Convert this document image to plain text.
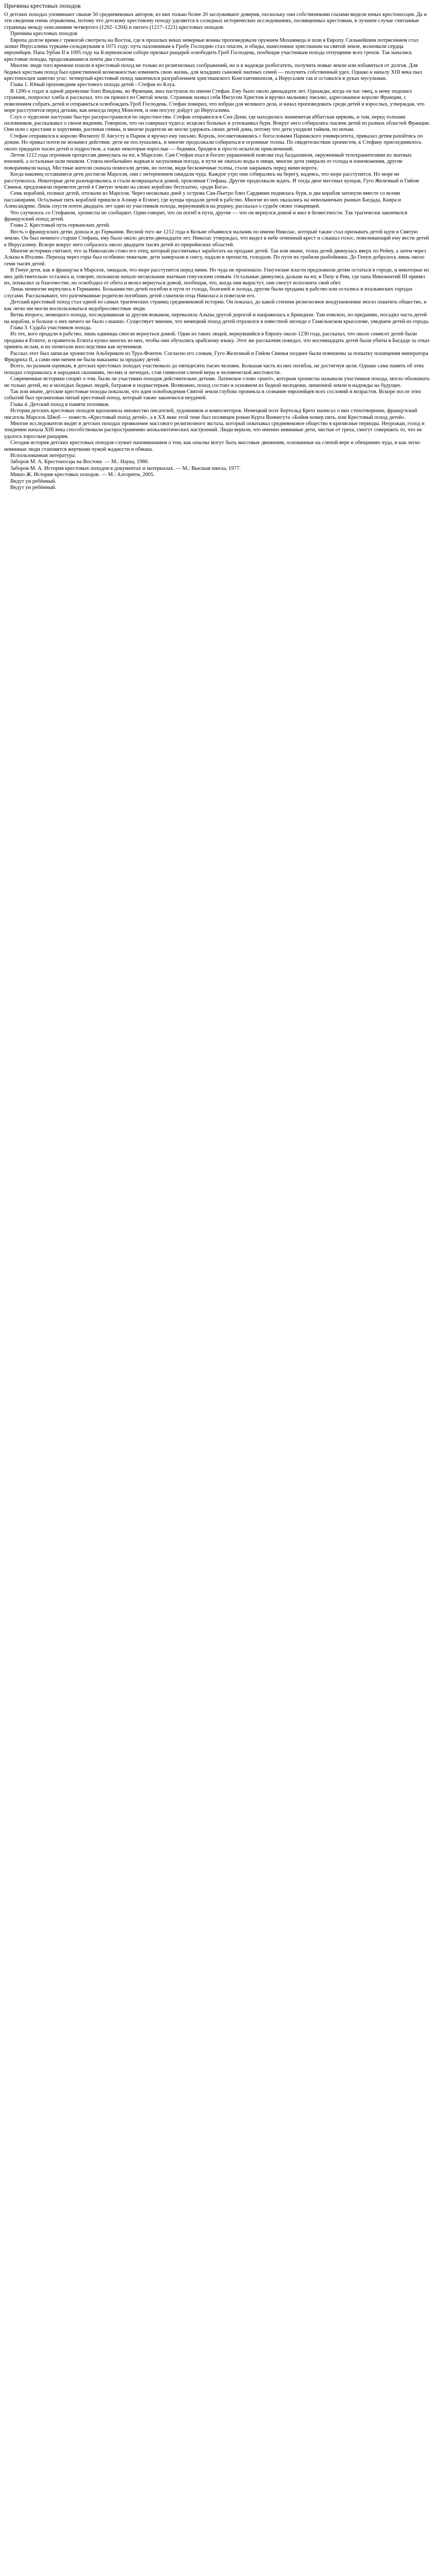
Причины крестовых походов

О детских походах упоминают свыше 50 средневековых авторов, из них только более 20 заслуживают доверия, поскольку они собственными глазами видели юных крестоносцев. Да и эти сведения очень отрывочны, потому что детскому крестовому походу уделяется в солидных исторических исследованиях, посвященных крестовым, в лучшем случае считанные страницы между описаниями четвертого (1202–1204) и пятого (1217–1221) крестовых походов.

Причины крестовых походов

Европа долгое время с тревогой смотрела на Восток, где в прошлых веках неверные воины проповедовали оружием Мохаммеда и шли в Европу. Сильнейшим потрясением стал захват Иерусалима турками-сельджуками в 1071 году: путь паломникам к Гробу Господню стал опасен, и обиды, нанесенные христианам на святой земле, волновали сердца европейцев. Папа Урбан II в 1095 году на Клермонском соборе призвал рыцарей освободить Гроб Господень, пообещав участникам похода отпущение всех грехов. Так начались крестовые походы, продолжавшиеся почти два столетия.

Многие люди того времени пошли в крестовый поход не только из религиозных соображений, но и в надежде разбогатеть, получить новые земли или избавиться от долгов. Для бедных крестьян поход был единственной возможностью изменить свою жизнь, для младших сыновей знатных семей — получить собственный удел. Однако к началу XIII века пыл крестоносцев заметно угас: четвертый крестовый поход закончился разграблением христианского Константинополя, а Иерусалим так и оставался в руках мусульман.

Глава 1. Юный проповедник крестового похода детей - Стефан из Клуа.

В 1200-х годах в одной деревушке близ Вандома, во Франции, жил пастушок по имени Стефан. Ему было около двенадцати лет. Однажды, когда он пас овец, к нему подошел странник, попросил хлеба и рассказал, что он пришел из Святой земли. Странник назвал себя Иисусом Христом и вручил мальчику письмо, адресованное королю Франции, с повелением собрать детей и отправиться освобождать Гроб Господень. Стефан поверил, что избран для великого дела, и начал проповедовать среди детей и взрослых, утверждая, что море расступится перед детьми, как некогда перед Моисеем, и они посуху дойдут до Иерусалима.

Слух о чудесном пастушке быстро распространился по окрестностям. Стефан отправился в Сен-Дени, где находилась знаменитая аббатская церковь, и там, перед толпами паломников, рассказывал о своем видении. Говорили, что он совершал чудеса: исцелял больных и успокаивал бури. Вокруг него собирались тысячи детей из разных областей Франции. Они шли с крестами и хоругвями, распевая гимны, и многие родители не могли удержать своих детей дома, потому что дети уходили тайком, по ночам.

Стефан отправился к королю Филиппу II Августу в Париж и вручил ему письмо. Король, посоветовавшись с богословами Парижского университета, приказал детям разойтись по домам. Но приказ почти не возымел действия: дети не послушались, и многие продолжали собираться в огромные толпы. По свидетельствам хронистов, к Стефану присоединилось около тридцати тысяч детей и подростков, а также некоторые взрослые — бедняки, бродяги и просто искатели приключений.

Летом 1212 года огромная процессия двинулась на юг, к Марселю. Сам Стефан ехал в богато украшенной повозке под балдахином, окруженный телохранителями из знатных юношей, а остальные шли пешком. Стояла необычайно жаркая и засушливая погода, в пути не хватало воды и пищи, многие дети умирали от голода и изнеможения, другие поворачивали назад. Местные жители сначала помогали детям, но потом, видя бесконечные толпы, стали закрывать перед ними ворота.

Когда наконец оставшиеся дети достигли Марселя, они с нетерпением ожидали чуда. Каждое утро они собирались на берегу, надеясь, что море расступится. Но море не расступилось. Некоторые дети разочаровались и стали возвращаться домой, проклиная Стефана. Другие продолжали ждать. И тогда двое местных купцов, Гуго Железный и Гийом Свинья, предложили перевезти детей в Святую землю на своих кораблях бесплатно, «ради Бога».

Семь кораблей, полных детей, отплыли из Марселя. Через несколько дней у острова Сан-Пьетро близ Сардинии поднялась буря, и два корабля затонули вместе со всеми пассажирами. Остальные пять кораблей пришли в Алжир и Египет, где купцы продали детей в рабство. Многие из них оказались на невольничьих рынках Багдада, Каира и Александрии. Лишь спустя почти двадцать лет один из участников похода, вернувшийся на родину, рассказал о судьбе своих товарищей.

Что случилось со Стефаном, хронисты не сообщают. Одни говорят, что он погиб в пути, другие — что он вернулся домой и жил в безвестности. Так трагически закончился французский поход детей.

Глава 2. Крестовый путь германских детей.

Весть о французских детях дошла и до Германии. Весной того же 1212 года в Кельне объявился мальчик по имени Николас, который также стал призывать детей идти в Святую землю. Он был немного старше Стефана, ему было около десяти-двенадцати лет. Николас утверждал, что видел в небе огненный крест и слышал голос, повелевающий ему вести детей к Иерусалиму. Вскоре вокруг него собралось около двадцати тысяч детей из прирейнских областей.

Многие историки считают, что за Николасом стоял его отец, который рассчитывал заработать на продаже детей. Так или иначе, толпа детей двинулась вверх по Рейну, а затем через Альпы в Италию. Переход через горы был особенно тяжелым: дети замерзали в снегу, падали в пропасти, голодали. По пути их грабили разбойники. До Генуи добралось лишь около семи тысяч детей.

В Генуе дети, как и французы в Марселе, ожидали, что море расступится перед ними. Но чуда не произошло. Генуэзские власти предложили детям остаться в городе, и некоторые из них действительно остались и, говорят, положили начало нескольким знатным генуэзским семьям. Остальные двинулись дальше на юг, в Пизу и Рим, где папа Иннокентий III принял их, похвалил за благочестие, но освободил от обета и велел вернуться домой, пообещав, что, когда они вырастут, они смогут исполнить свой обет.

Лишь немногие вернулись в Германию. Большинство детей погибли в пути от голода, болезней и холода, другие были проданы в рабство или остались в итальянских городах слугами. Рассказывают, что разгневанные родители погибших детей схватили отца Николаса и повесили его.

Детский крестовый поход стал одной из самых трагических страниц средневековой истории. Он показал, до какой степени религиозное воодушевление могло охватить общество, и как легко им могли воспользоваться недобросовестные люди.

Ветвь второго, немецкого похода, последовавшая за другим вожаком, перевалила Альпы другой дорогой и направилась к Бриндизи. Там епископ, по преданию, посадил часть детей на корабли, и больше о них ничего не было слышно. Существует мнение, что немецкий поход детей отразился в известной легенде о Гамельнском крысолове, уведшем детей из города.

Глава 3. Судьба участников похода.

Из тех, кого продали в рабство, лишь единицы смогли вернуться домой. Один из таких людей, вернувшийся в Европу около 1230 года, рассказал, что около семисот детей были проданы в Египте, и правитель Египта купил многих из них, чтобы они обучались арабскому языку. Этот же рассказчик поведал, что восемнадцать детей были убиты в Багдаде за отказ принять ислам, и их почитали впоследствии как мучеников.

Рассказ этот был записан хронистом Альбериком из Труа-Фонтен. Согласно его словам, Гуго Железный и Гийом Свинья позднее были повешены за попытку похищения императора Фридриха II, а сами они ничем не были наказаны за продажу детей.

Всего, по разным оценкам, в детских крестовых походах участвовало до пятидесяти тысяч человек. Большая часть из них погибла, не достигнув цели. Однако сама память об этих походах сохранилась в народных сказаниях, песнях и легендах, став символом слепой веры и человеческой жестокости.

Современные историки спорят о том, были ли участники походов действительно детьми. Латинское слово «pueri», которым хронисты называли участников похода, могло обозначать не только детей, но и молодых бедных людей, батраков и подмастерьев. Возможно, поход состоял в основном из бедной молодежи, лишенной земли и надежды на будущее.

Так или иначе, детские крестовые походы показали, что идея освобождения Святой земли глубоко проникла в сознание европейцев всех сословий и возрастов. Вскоре после этих событий был организован пятый крестовый поход, который также закончился неудачей.

Глава 4. Детский поход в памяти потомков.

История детских крестовых походов вдохновила множество писателей, художников и композиторов. Немецкий поэт Бертольд Брехт написал о них стихотворение, французский писатель Марсель Швоб — повесть «Крестовый поход детей», а в XX веке этой теме был посвящен роман Курта Воннегута «Бойня номер пять, или Крестовый поход детей».

Многие исследователи видят в детских походах проявление массового религиозного экстаза, который охватывал средневековое общество в кризисные периоды. Неурожаи, голод и эпидемии начала XIII века способствовали распространению апокалиптических настроений. Люди верили, что именно невинные дети, чистые от греха, смогут совершить то, что не удалось взрослым рыцарям.

Сегодня история детских крестовых походов служит напоминанием о том, как опасны могут быть массовые движения, основанные на слепой вере и обещаниях чуда, и как легко невинные люди становятся жертвами чужой жадности и обмана.

Использованная литература:

Заборов М. А. Крестоносцы на Востоке. — М.: Наука, 1980.

Заборов М. А. История крестовых походов в документах и материалах. — М.: Высшая школа, 1977.

Мишо Ж. История крестовых походов. — М.: Алгоритм, 2005.

Ведут уи ребённый.

Ведут уи ребённый.
